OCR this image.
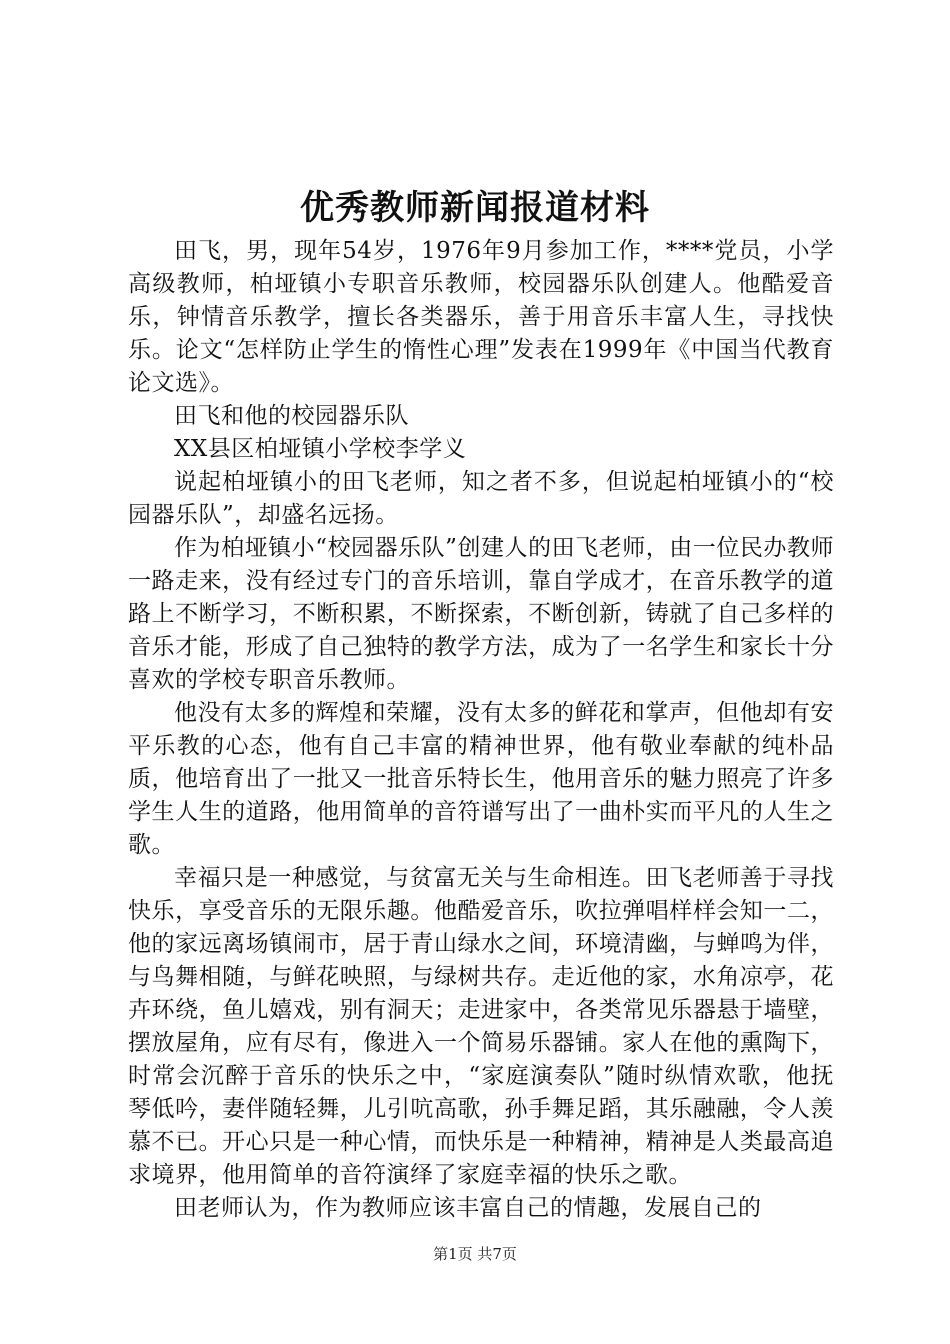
优秀教师新闻报道材料

田飞，男，现年54岁，1976年9月参加工作，****党员，小学高级教师，柏垭镇小专职音乐教师，校园器乐队创建人。他酷爱音乐，钟情音乐教学，擅长各类器乐，善于用音乐丰富人生，寻找快乐。论文“怎样防止学生的惰性心理”发表在1999年《中国当代教育论文选》。

田飞和他的校园器乐队

XX县区柏垭镇小学校李学义

说起柏垭镇小的田飞老师，知之者不多，但说起柏垭镇小的“校园器乐队”，却盛名远扬。

作为柏垭镇小“校园器乐队”创建人的田飞老师，由一位民办教师一路走来，没有经过专门的音乐培训，靠自学成才，在音乐教学的道路上不断学习，不断积累，不断探索，不断创新，铸就了自己多样的音乐才能，形成了自己独特的教学方法，成为了一名学生和家长十分喜欢的学校专职音乐教师。

他没有太多的辉煌和荣耀，没有太多的鲜花和掌声，但他却有安平乐教的心态，他有自己丰富的精神世界，他有敬业奉献的纯朴品质，他培育出了一批又一批音乐特长生，他用音乐的魅力照亮了许多学生人生的道路，他用简单的音符谱写出了一曲朴实而平凡的人生之歌。

幸福只是一种感觉，与贫富无关与生命相连。田飞老师善于寻找快乐，享受音乐的无限乐趣。他酷爱音乐，吹拉弹唱样样会知一二，他的家远离场镇闹市，居于青山绿水之间，环境清幽，与蝉鸣为伴，与鸟舞相随，与鲜花映照，与绿树共存。走近他的家，水角凉亭，花卉环绕，鱼儿嬉戏，别有洞天；走进家中，各类常见乐器悬于墙壁，摆放屋角，应有尽有，像进入一个简易乐器铺。家人在他的熏陶下，时常会沉醉于音乐的快乐之中，“家庭演奏队”随时纵情欢歌，他抚琴低吟，妻伴随轻舞，儿引吭高歌，孙手舞足蹈，其乐融融，令人羡慕不已。开心只是一种心情，而快乐是一种精神，精神是人类最高追求境界，他用简单的音符演绎了家庭幸福的快乐之歌。

田老师认为，作为教师应该丰富自己的情趣，发展自己的

第1页 共7页
